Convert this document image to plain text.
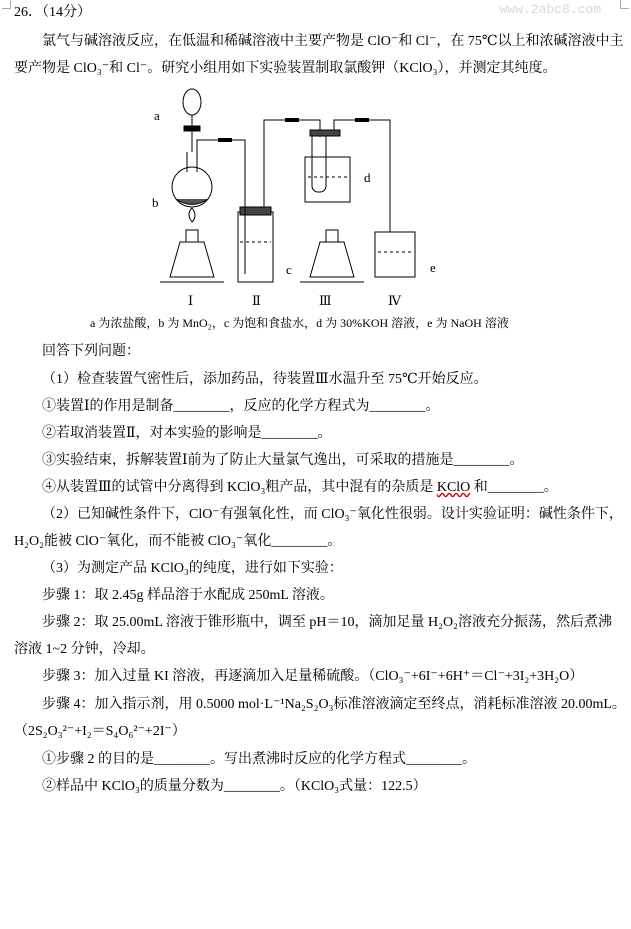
www.2abc8.com
26．（14分）
氯气与碱溶液反应，在低温和稀碱溶液中主要产物是 ClO⁻和 Cl⁻，在 75℃以上和浓碱溶液中主
要产物是 ClO₃⁻和 Cl⁻。研究小组用如下实验装置制取氯酸钾（KClO₃），并测定其纯度。
a
b
c
d
e
Ⅰ	Ⅱ	Ⅲ	Ⅳ
a 为浓盐酸，b 为 MnO₂，c 为饱和食盐水，d 为 30%KOH 溶液，e 为 NaOH 溶液
回答下列问题：
（1）检查装置气密性后，添加药品，待装置Ⅲ水温升至 75℃开始反应。
①装置Ⅰ的作用是制备________，反应的化学方程式为________。
②若取消装置Ⅱ，对本实验的影响是________。
③实验结束，拆解装置Ⅰ前为了防止大量氯气逸出，可采取的措施是________。
④从装置Ⅲ的试管中分离得到 KClO₃粗产品，其中混有的杂质是 KClO 和________。
（2）已知碱性条件下，ClO⁻有强氧化性，而 ClO₃⁻氧化性很弱。设计实验证明：碱性条件下，
H₂O₂能被 ClO⁻氧化，而不能被 ClO₃⁻氧化________。
（3）为测定产品 KClO₃的纯度，进行如下实验：
步骤 1：取 2.45g 样品溶于水配成 250mL 溶液。
步骤 2：取 25.00mL 溶液于锥形瓶中，调至 pH＝10，滴加足量 H₂O₂溶液充分振荡，然后煮沸
溶液 1~2 分钟，冷却。
步骤 3：加入过量 KI 溶液，再逐滴加入足量稀硫酸。（ClO₃⁻+6I⁻+6H⁺＝Cl⁻+3I₂+3H₂O）
步骤 4：加入指示剂，用 0.5000 mol·L⁻¹Na₂S₂O₃标准溶液滴定至终点，消耗标准溶液 20.00mL。
（2S₂O₃²⁻+I₂＝S₄O₆²⁻+2I⁻）
①步骤 2 的目的是________。写出煮沸时反应的化学方程式________。
②样品中 KClO₃的质量分数为________。（KClO₃式量：122.5）
